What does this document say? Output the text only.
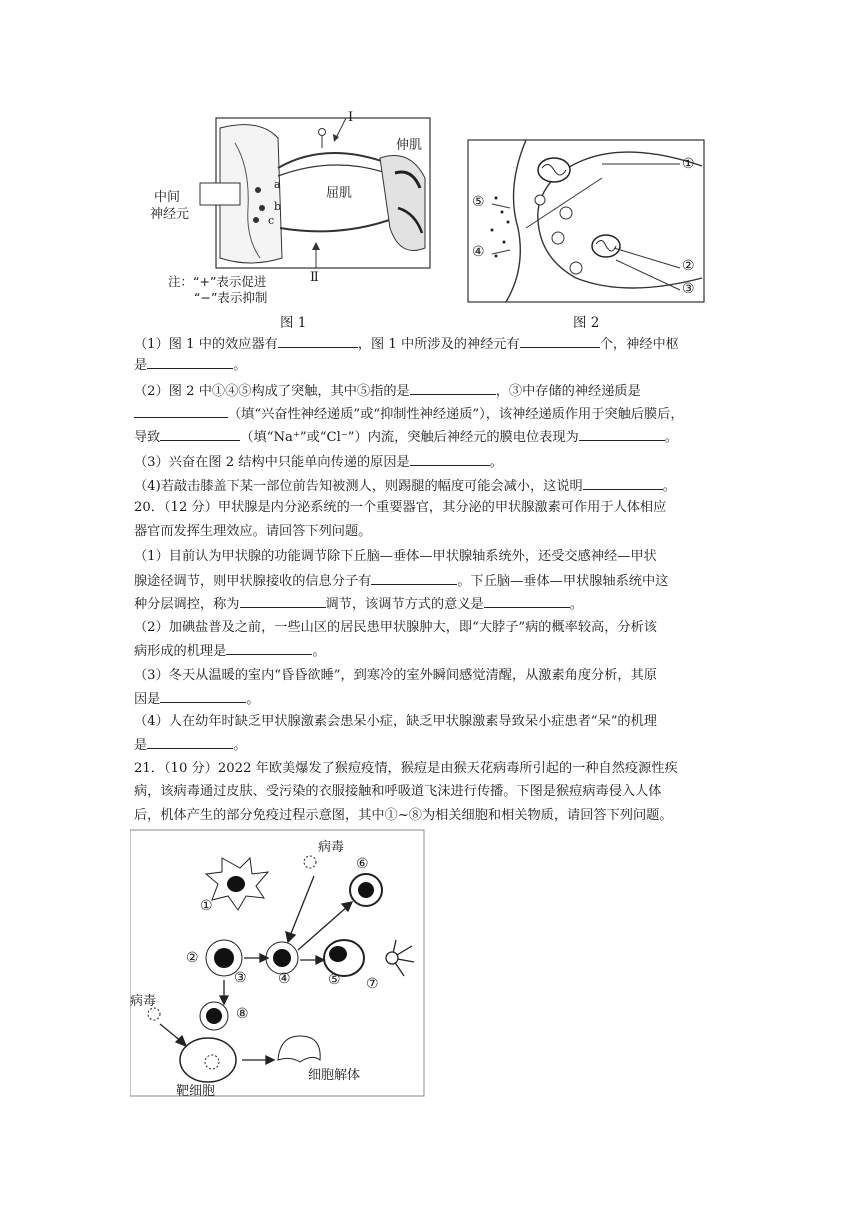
中间
神经元
伸肌
屈肌
Ⅰ
Ⅱ
a
b
c
注：“+”表示促进
“−”表示抑制
图 1
①
②
③
④
⑤
图 2
（1）图 1 中的效应器有	，图 1 中所涉及的神经元有	个，神经中枢
是	。
（2）图 2 中①④⑤构成了突触，其中⑤指的是	，③中存储的神经递质是
（填“兴奋性神经递质”或“抑制性神经递质”），该神经递质作用于突触后膜后，
导致	（填“Na⁺”或“Cl⁻”）内流，突触后神经元的膜电位表现为	。
（3）兴奋在图 2 结构中只能单向传递的原因是	。
（4)若敲击膝盖下某一部位前告知被测人，则踢腿的幅度可能会减小，这说明	。
20．（12 分）甲状腺是内分泌系统的一个重要器官，其分泌的甲状腺激素可作用于人体相应
器官而发挥生理效应。请回答下列问题。
（1）目前认为甲状腺的功能调节除下丘脑—垂体—甲状腺轴系统外，还受交感神经—甲状
腺途径调节，则甲状腺接收的信息分子有	。下丘脑—垂体—甲状腺轴系统中这
种分层调控，称为	调节，该调节方式的意义是	。
（2）加碘盐普及之前，一些山区的居民患甲状腺肿大，即“大脖子”病的概率较高，分析该
病形成的机理是	。
（3）冬天从温暖的室内“昏昏欲睡”，到寒冷的室外瞬间感觉清醒，从激素角度分析，其原
因是	。
（4）人在幼年时缺乏甲状腺激素会患呆小症，缺乏甲状腺激素导致呆小症患者“呆”的机理
是	。
21．（10 分）2022 年欧美爆发了猴痘疫情，猴痘是由猴天花病毒所引起的一种自然疫源性疾
病，该病毒通过皮肤、受污染的衣服接触和呼吸道飞沫进行传播。下图是猴痘病毒侵入人体
后，机体产生的部分免疫过程示意图，其中①~⑧为相关细胞和相关物质，请回答下列问题。
病毒
病毒
靶细胞
细胞解体
①
②
③ ④	⑤
⑥
⑦
⑧
